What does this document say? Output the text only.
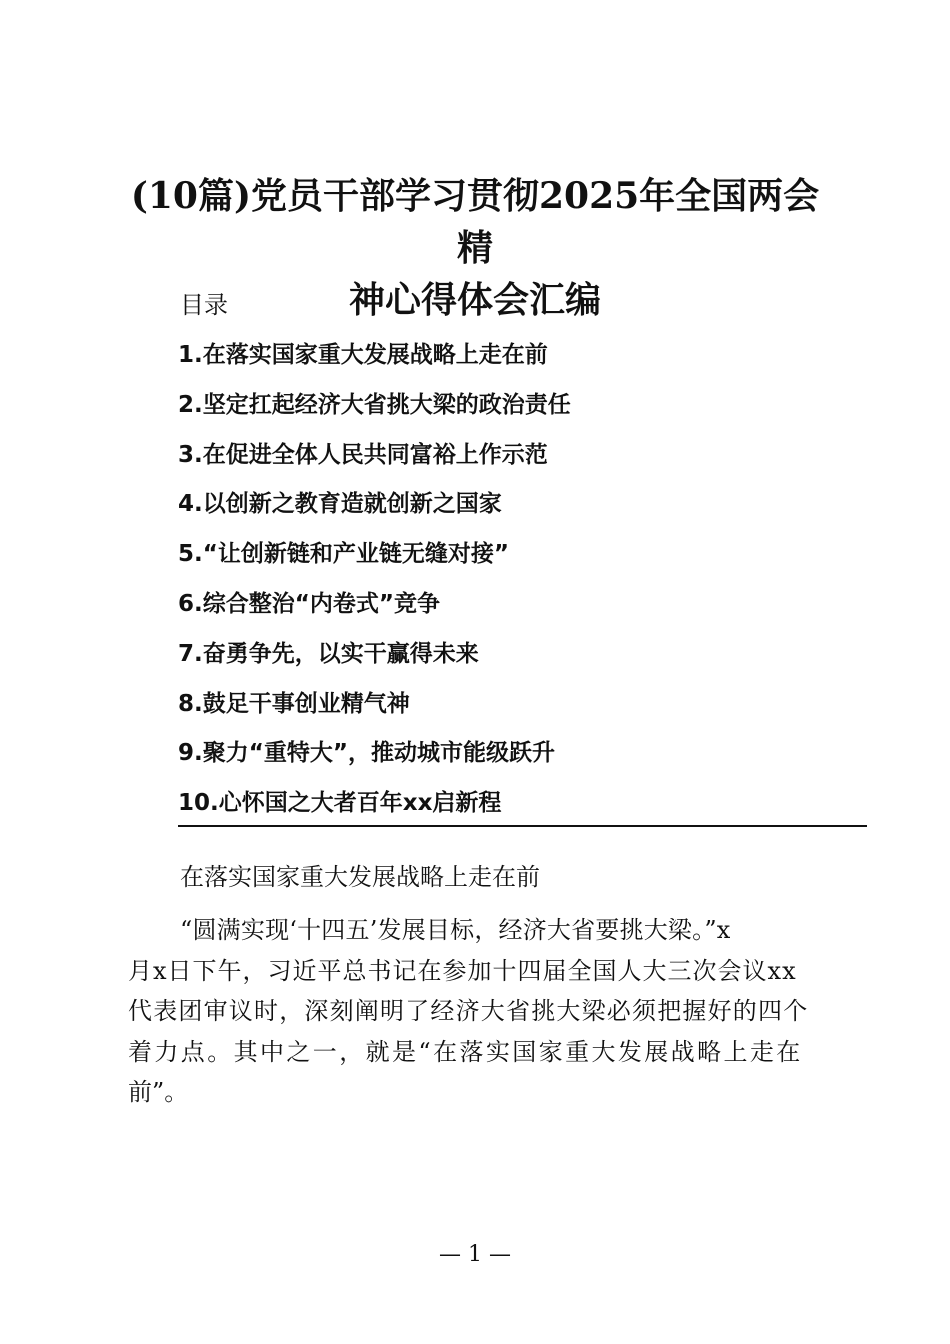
(10篇)党员干部学习贯彻2025年全国两会精
神心得体会汇编
目录
1.在落实国家重大发展战略上走在前
2.坚定扛起经济大省挑大梁的政治责任
3.在促进全体人民共同富裕上作示范
4.以创新之教育造就创新之国家
5.“让创新链和产业链无缝对接”
6.综合整治“内卷式”竞争
7.奋勇争先，以实干赢得未来
8.鼓足干事创业精气神
9.聚力“重特大”，推动城市能级跃升
10.心怀国之大者百年xx启新程
在落实国家重大发展战略上走在前
“圆满实现‘十四五’发展目标，经济大省要挑大梁。”x
月x日下午，习近平总书记在参加十四届全国人大三次会议xx
代表团审议时，深刻阐明了经济大省挑大梁必须把握好的四个
着力点。其中之一，就是“在落实国家重大发展战略上走在
前”。
— 1 —
